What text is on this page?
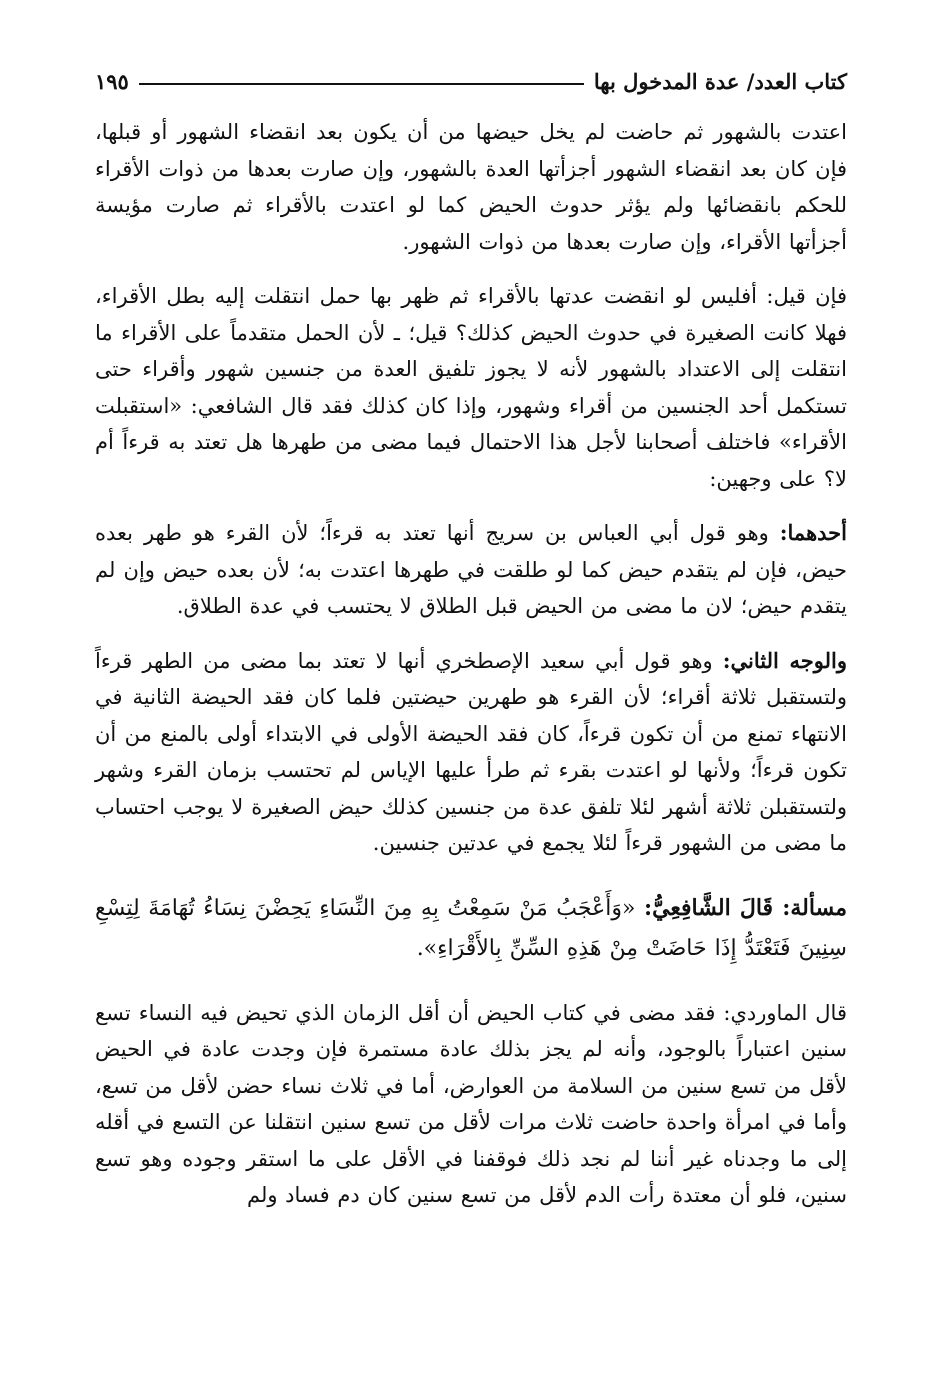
كتاب العدد/ عدة المدخول بها
١٩٥

اعتدت بالشهور ثم حاضت لم يخل حيضها من أن يكون بعد انقضاء الشهور أو قبلها، فإن كان بعد انقضاء الشهور أجزأتها العدة بالشهور، وإن صارت بعدها من ذوات الأقراء للحكم بانقضائها ولم يؤثر حدوث الحيض كما لو اعتدت بالأقراء ثم صارت مؤيسة أجزأتها الأقراء، وإن صارت بعدها من ذوات الشهور.

فإن قيل: أفليس لو انقضت عدتها بالأقراء ثم ظهر بها حمل انتقلت إليه بطل الأقراء، فهلا كانت الصغيرة في حدوث الحيض كذلك؟ قيل؛ ـ لأن الحمل متقدماً على الأقراء ما انتقلت إلى الاعتداد بالشهور لأنه لا يجوز تلفيق العدة من جنسين شهور وأقراء حتى تستكمل أحد الجنسين من أقراء وشهور، وإذا كان كذلك فقد قال الشافعي: «استقبلت الأقراء» فاختلف أصحابنا لأجل هذا الاحتمال فيما مضى من طهرها هل تعتد به قرءاً أم لا؟ على وجهين:

أحدهما: وهو قول أبي العباس بن سريج أنها تعتد به قرءاً؛ لأن القرء هو طهر بعده حيض، فإن لم يتقدم حيض كما لو طلقت في طهرها اعتدت به؛ لأن بعده حيض وإن لم يتقدم حيض؛ لان ما مضى من الحيض قبل الطلاق لا يحتسب في عدة الطلاق.

والوجه الثاني: وهو قول أبي سعيد الإصطخري أنها لا تعتد بما مضى من الطهر قرءاً ولتستقبل ثلاثة أقراء؛ لأن القرء هو طهرين حيضتين فلما كان فقد الحيضة الثانية في الانتهاء تمنع من أن تكون قرءاً، كان فقد الحيضة الأولى في الابتداء أولى بالمنع من أن تكون قرءاً؛ ولأنها لو اعتدت بقرء ثم طرأ عليها الإياس لم تحتسب بزمان القرء وشهر ولتستقبلن ثلاثة أشهر لئلا تلفق عدة من جنسين كذلك حيض الصغيرة لا يوجب احتساب ما مضى من الشهور قرءاً لئلا يجمع في عدتين جنسين.

مسألة: قَالَ الشَّافِعِيُّ: «وَأَعْجَبُ مَنْ سَمِعْتُ بِهِ مِنَ النِّسَاءِ يَحِضْنَ نِسَاءُ تُهَامَةَ لِتِسْعِ سِنِينَ فَتَعْتَدُّ إِذَا حَاضَتْ مِنْ هَذِهِ السِّنِّ بِالأَقْرَاءِ».

قال الماوردي: فقد مضى في كتاب الحيض أن أقل الزمان الذي تحيض فيه النساء تسع سنين اعتباراً بالوجود، وأنه لم يجز بذلك عادة مستمرة فإن وجدت عادة في الحيض لأقل من تسع سنين من السلامة من العوارض، أما في ثلاث نساء حضن لأقل من تسع، وأما في امرأة واحدة حاضت ثلاث مرات لأقل من تسع سنين انتقلنا عن التسع في أقله إلى ما وجدناه غير أننا لم نجد ذلك فوقفنا في الأقل على ما استقر وجوده وهو تسع سنين، فلو أن معتدة رأت الدم لأقل من تسع سنين كان دم فساد ولم
